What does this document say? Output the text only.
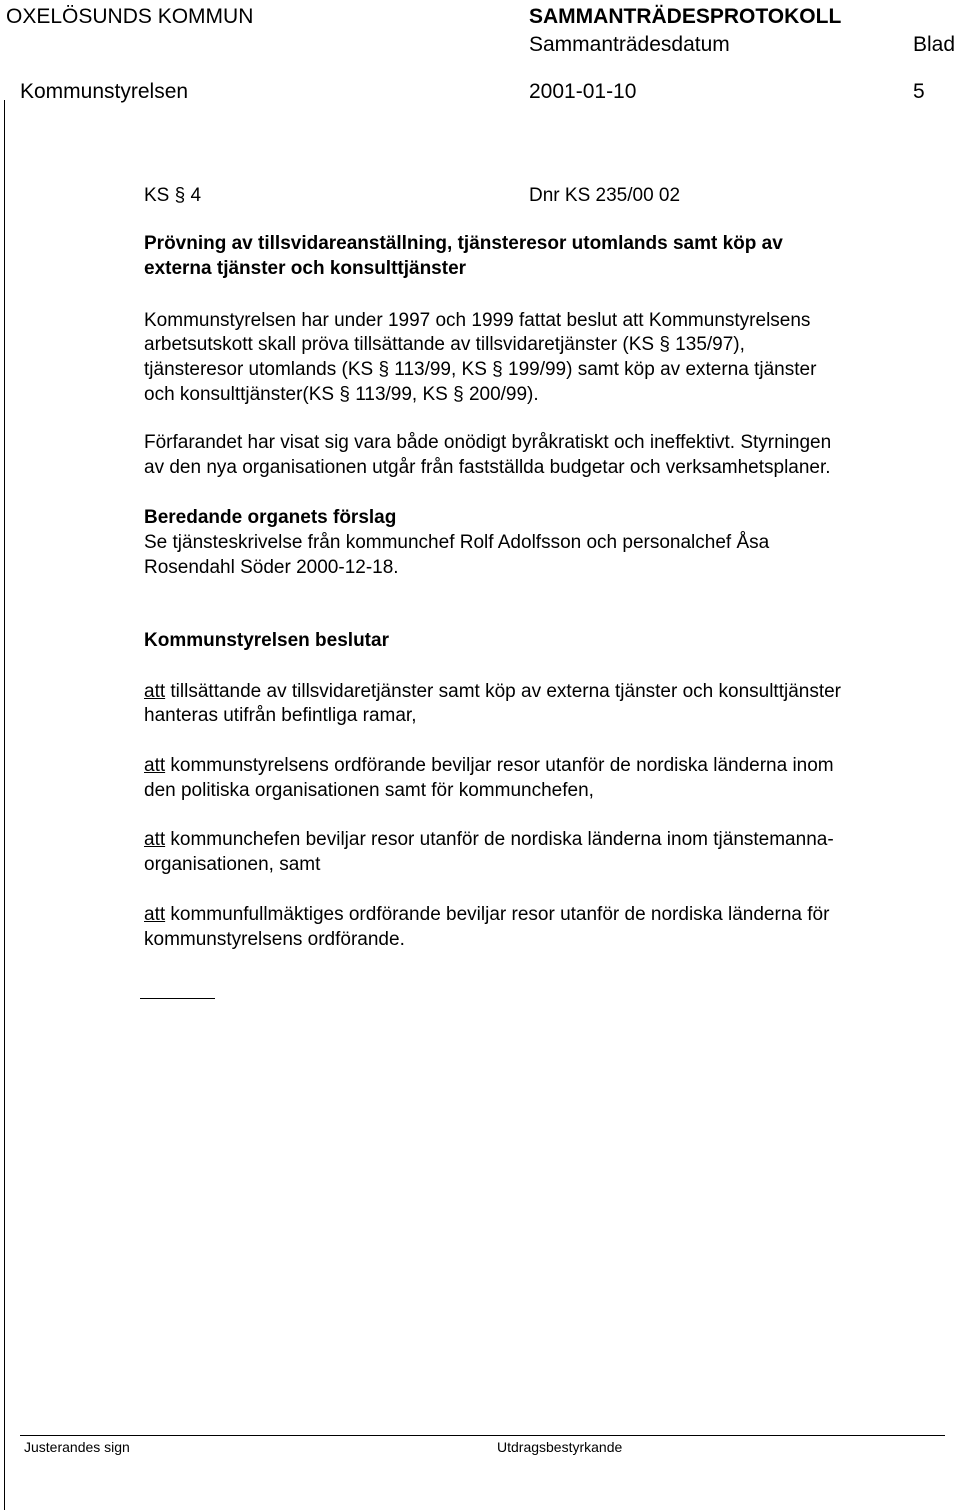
OXELÖSUNDS KOMMUN	SAMMANTRÄDESPROTOKOLL
Sammanträdesdatum	Blad
Kommunstyrelsen	2001-01-10	5
KS § 4	Dnr KS 235/00 02
Prövning av tillsvidareanställning, tjänsteresor utomlands samt köp av
externa tjänster och konsulttjänster
Kommunstyrelsen har under 1997 och 1999 fattat beslut att Kommunstyrelsens
arbetsutskott skall pröva tillsättande av tillsvidaretjänster (KS § 135/97),
tjänsteresor utomlands (KS § 113/99, KS § 199/99) samt köp av externa tjänster
och konsulttjänster(KS § 113/99, KS § 200/99).
Förfarandet har visat sig vara både onödigt byråkratiskt och ineffektivt. Styrningen
av den nya organisationen utgår från fastställda budgetar och verksamhetsplaner.
Beredande organets förslag
Se tjänsteskrivelse från kommunchef Rolf Adolfsson och personalchef Åsa
Rosendahl Söder 2000-12-18.
Kommunstyrelsen beslutar
att tillsättande av tillsvidaretjänster samt köp av externa tjänster och konsulttjänster
hanteras utifrån befintliga ramar,
att kommunstyrelsens ordförande beviljar resor utanför de nordiska länderna inom
den politiska organisationen samt för kommunchefen,
att kommunchefen beviljar resor utanför de nordiska länderna inom tjänstemanna-
organisationen, samt
att kommunfullmäktiges ordförande beviljar resor utanför de nordiska länderna för
kommunstyrelsens ordförande.
Justerandes sign	Utdragsbestyrkande
